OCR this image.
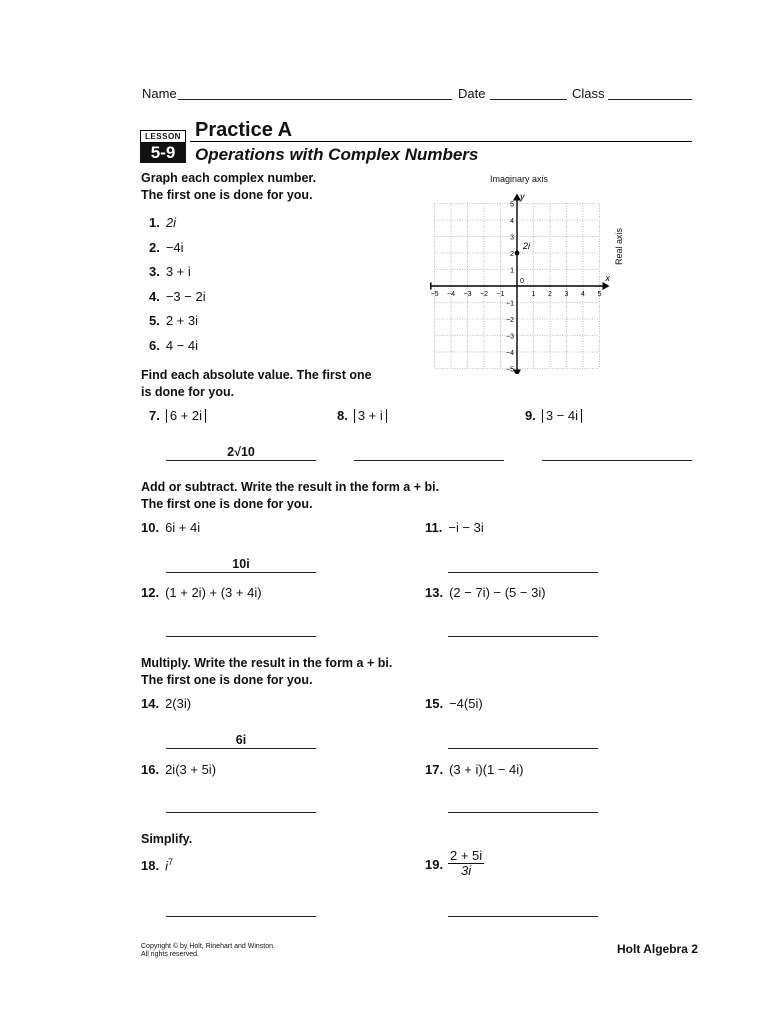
Name	Date	Class
LESSON
5-9
Practice A
Operations with Complex Numbers
Graph each complex number.
The first one is done for you.
1. 2i
2. −4i
3. 3 + i
4. −3 − 2i
5. 2 + 3i
6. 4 − 4i
Imaginary axis
Real axis
−5 −4 −3 −2 −1	1 2 3 4 5
5
4
3
2
1
−1
−2
−3
−4
−5
0
y
x
2i
Find each absolute value. The first one
is done for you.
7. 6 + 2i	8. 3 + i	9. 3 − 4i
2√10
Add or subtract. Write the result in the form a + bi.
The first one is done for you.
10. 6i + 4i	11. −i − 3i
10i
12. (1 + 2i) + (3 + 4i)	13. (2 − 7i) − (5 − 3i)
Multiply. Write the result in the form a + bi.
The first one is done for you.
14. 2(3i)	15. −4(5i)
6i
16. 2i(3 + 5i)	17. (3 + i)(1 − 4i)
Simplify.
18. $i^7$	19.
2 + 5i
3i
Copyright © by Holt, Rinehart and Winston.
All rights reserved.	Holt Algebra 2
